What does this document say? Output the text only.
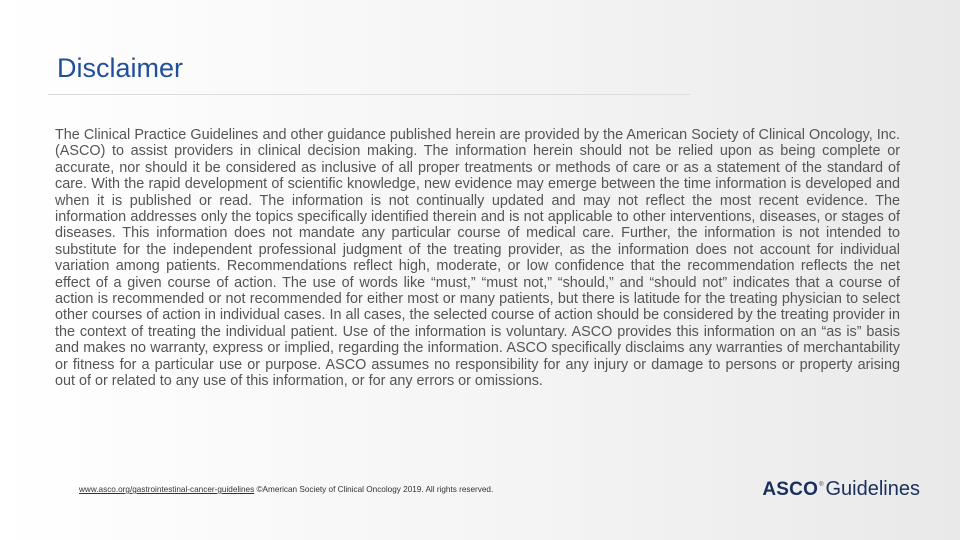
Disclaimer

The Clinical Practice Guidelines and other guidance published herein are provided by the American Society of Clinical Oncology, Inc. (ASCO) to assist providers in clinical decision making. The information herein should not be relied upon as being complete or accurate, nor should it be considered as inclusive of all proper treatments or methods of care or as a statement of the standard of care. With the rapid development of scientific knowledge, new evidence may emerge between the time information is developed and when it is published or read. The information is not continually updated and may not reflect the most recent evidence. The information addresses only the topics specifically identified therein and is not applicable to other interventions, diseases, or stages of diseases. This information does not mandate any particular course of medical care. Further, the information is not intended to substitute for the independent professional judgment of the treating provider, as the information does not account for individual variation among patients. Recommendations reflect high, moderate, or low confidence that the recommendation reflects the net effect of a given course of action. The use of words like “must,” “must not,” “should,” and “should not” indicates that a course of action is recommended or not recommended for either most or many patients, but there is latitude for the treating physician to select other courses of action in individual cases. In all cases, the selected course of action should be considered by the treating provider in the context of treating the individual patient. Use of the information is voluntary. ASCO provides this information on an “as is” basis and makes no warranty, express or implied, regarding the information. ASCO specifically disclaims any warranties of merchantability or fitness for a particular use or purpose. ASCO assumes no responsibility for any injury or damage to persons or property arising out of or related to any use of this information, or for any errors or omissions.

www.asco.org/gastrointestinal-cancer-guidelines ©American Society of Clinical Oncology 2019. All rights reserved.	ASCO ® Guidelines
